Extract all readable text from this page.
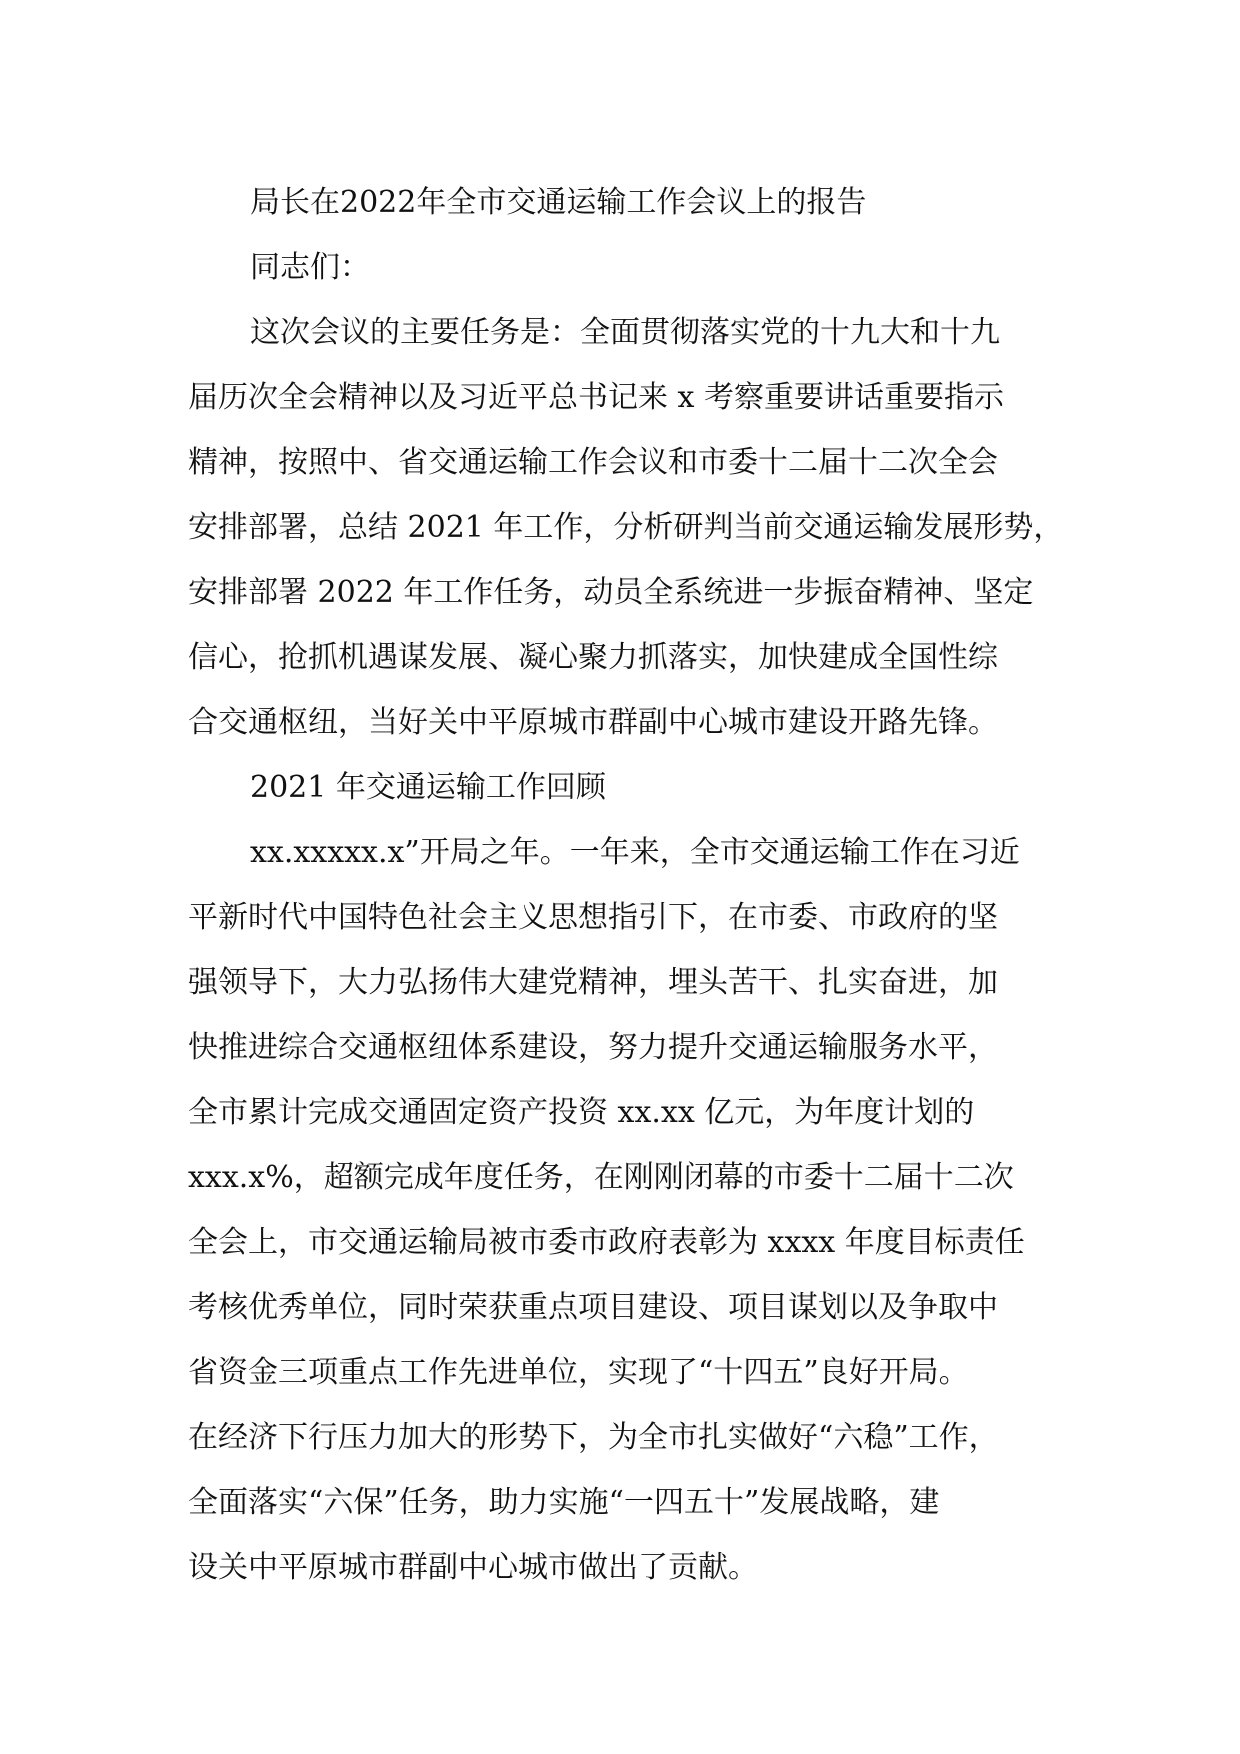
局长在2022年全市交通运输工作会议上的报告
同志们：
这次会议的主要任务是：全面贯彻落实党的十九大和十九
届历次全会精神以及习近平总书记来 x 考察重要讲话重要指示
精神，按照中、省交通运输工作会议和市委十二届十二次全会
安排部署，总结 2021 年工作，分析研判当前交通运输发展形势，
安排部署 2022 年工作任务，动员全系统进一步振奋精神、坚定
信心，抢抓机遇谋发展、凝心聚力抓落实，加快建成全国性综
合交通枢纽，当好关中平原城市群副中心城市建设开路先锋。
2021 年交通运输工作回顾
xx.xxxxx.x”开局之年。一年来，全市交通运输工作在习近
平新时代中国特色社会主义思想指引下，在市委、市政府的坚
强领导下，大力弘扬伟大建党精神，埋头苦干、扎实奋进，加
快推进综合交通枢纽体系建设，努力提升交通运输服务水平，
全市累计完成交通固定资产投资 xx.xx 亿元，为年度计划的
xxx.x%，超额完成年度任务，在刚刚闭幕的市委十二届十二次
全会上，市交通运输局被市委市政府表彰为 xxxx 年度目标责任
考核优秀单位，同时荣获重点项目建设、项目谋划以及争取中
省资金三项重点工作先进单位，实现了“十四五”良好开局。
在经济下行压力加大的形势下，为全市扎实做好“六稳”工作，
全面落实“六保”任务，助力实施“一四五十”发展战略，建
设关中平原城市群副中心城市做出了贡献。
